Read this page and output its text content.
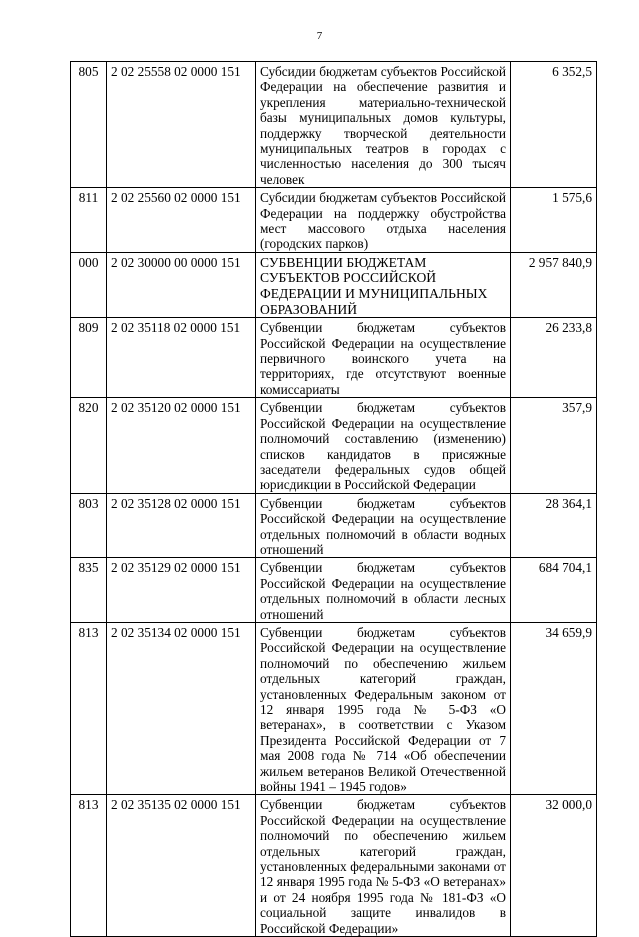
7
805	2 02 25558 02 0000 151	Субсидии бюджетам субъектов Российской Федерации на обеспечение развития и укрепления материально-технической базы муниципальных домов культуры, поддержку творческой деятельности муниципальных театров в городах с численностью населения до 300 тысяч человек	6 352,5
811	2 02 25560 02 0000 151	Субсидии бюджетам субъектов Российской Федерации на поддержку обустройства мест массового отдыха населения (городских парков)	1 575,6
000	2 02 30000 00 0000 151	СУБВЕНЦИИ БЮДЖЕТАМ СУБЪЕКТОВ РОССИЙСКОЙ ФЕДЕРАЦИИ И МУНИЦИПАЛЬНЫХ ОБРАЗОВАНИЙ	2 957 840,9
809	2 02 35118 02 0000 151	Субвенции бюджетам субъектов Российской Федерации на осуществление первичного воинского учета на территориях, где отсутствуют военные комиссариаты	26 233,8
820	2 02 35120 02 0000 151	Субвенции бюджетам субъектов Российской Федерации на осуществление полномочий составлению (изменению) списков кандидатов в присяжные заседатели федеральных судов общей юрисдикции в Российской Федерации	357,9
803	2 02 35128 02 0000 151	Субвенции бюджетам субъектов Российской Федерации на осуществление отдельных полномочий в области водных отношений	28 364,1
835	2 02 35129 02 0000 151	Субвенции бюджетам субъектов Российской Федерации на осуществление отдельных полномочий в области лесных отношений	684 704,1
813	2 02 35134 02 0000 151	Субвенции бюджетам субъектов Российской Федерации на осуществление полномочий по обеспечению жильем отдельных категорий граждан, установленных Федеральным законом от 12 января 1995 года № 5-ФЗ «О ветеранах», в соответствии с Указом Президента Российской Федерации от 7 мая 2008 года № 714 «Об обеспечении жильем ветеранов Великой Отечественной войны 1941 – 1945 годов»	34 659,9
813	2 02 35135 02 0000 151	Субвенции бюджетам субъектов Российской Федерации на осуществление полномочий по обеспечению жильем отдельных категорий граждан, установленных федеральными законами от 12 января 1995 года № 5-ФЗ «О ветеранах» и от 24 ноября 1995 года № 181-ФЗ «О социальной защите инвалидов в Российской Федерации»	32 000,0
